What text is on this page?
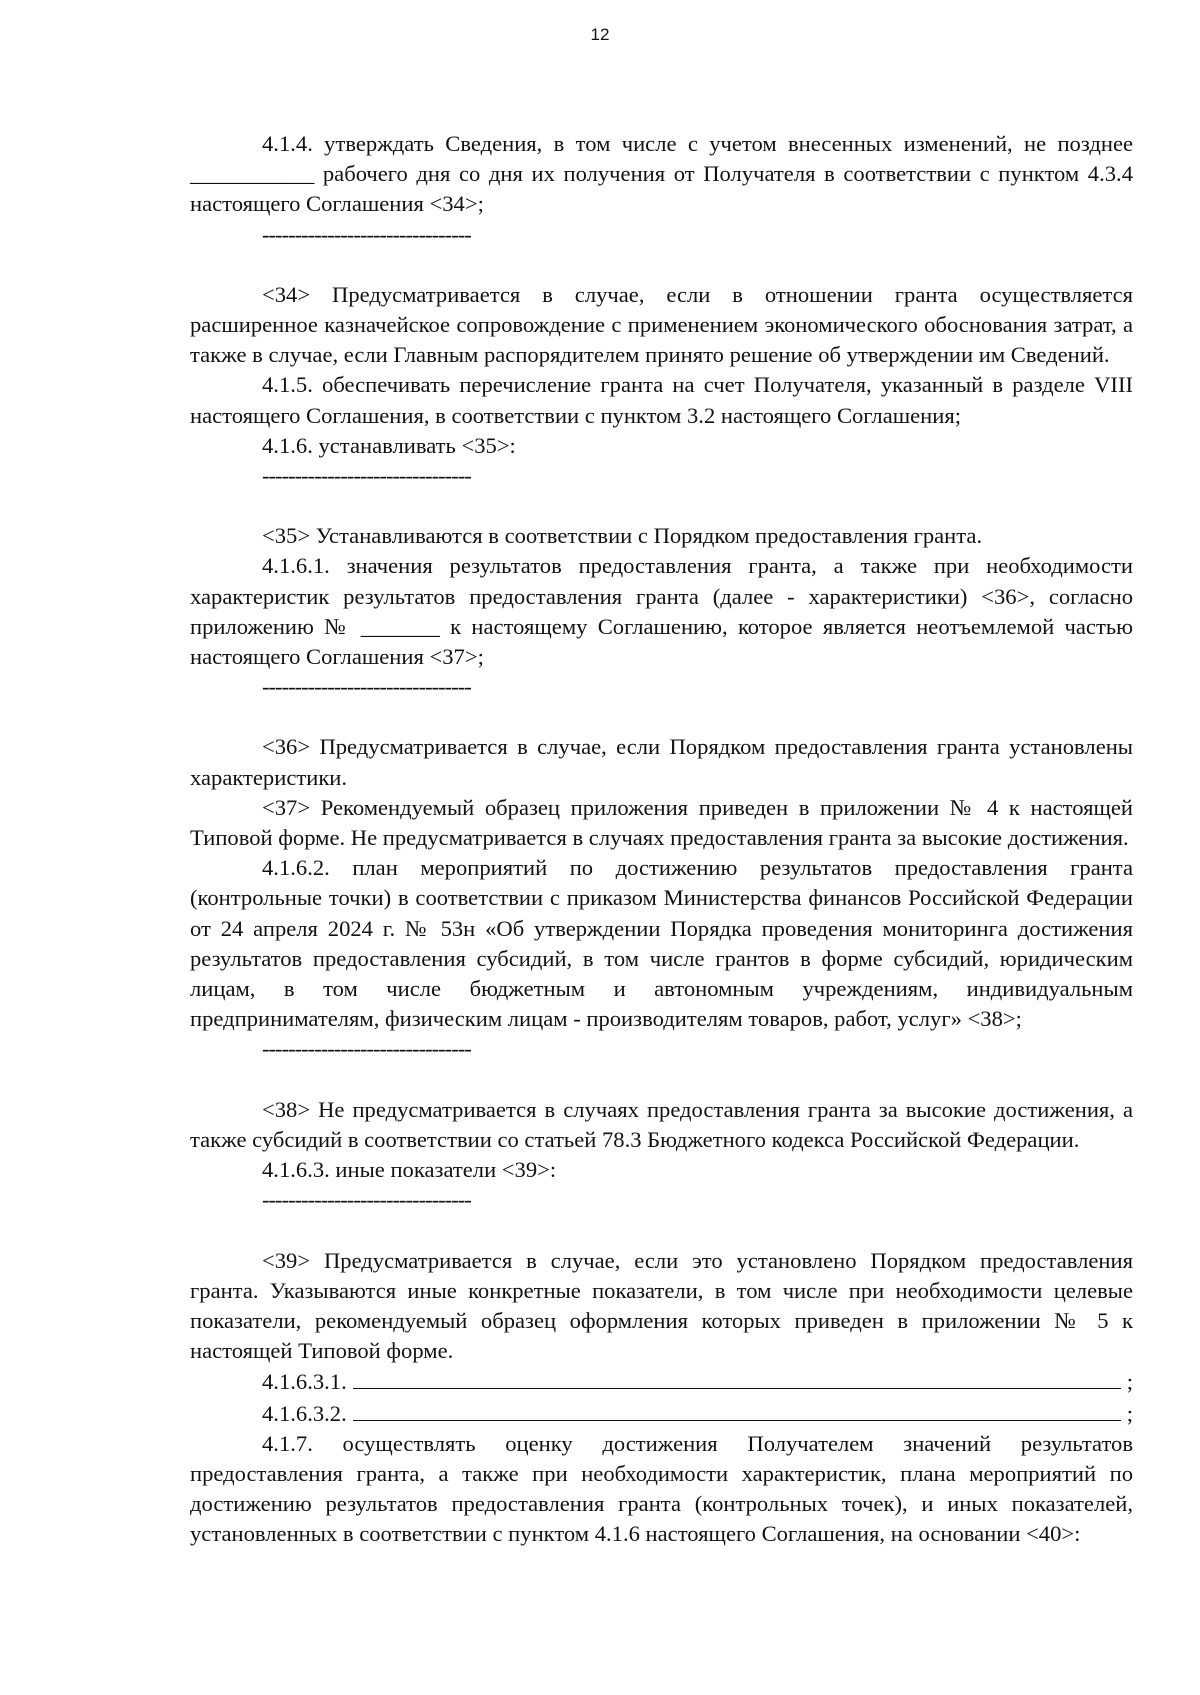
12

4.1.4. утверждать Сведения, в том числе с учетом внесенных изменений, не позднее ___________ рабочего дня со дня их получения от Получателя в соответствии с пунктом 4.3.4 настоящего Соглашения <34>;

--------------------------------

<34> Предусматривается в случае, если в отношении гранта осуществляется расширенное казначейское сопровождение с применением экономического обоснования затрат, а также в случае, если Главным распорядителем принято решение об утверждении им Сведений.

4.1.5. обеспечивать перечисление гранта на счет Получателя, указанный в разделе VIII настоящего Соглашения, в соответствии с пунктом 3.2 настоящего Соглашения;

4.1.6. устанавливать <35>:

--------------------------------

<35> Устанавливаются в соответствии с Порядком предоставления гранта.

4.1.6.1. значения результатов предоставления гранта, а также при необходимости характеристик результатов предоставления гранта (далее - характеристики) <36>, согласно приложению № _______ к настоящему Соглашению, которое является неотъемлемой частью настоящего Соглашения <37>;

--------------------------------

<36> Предусматривается в случае, если Порядком предоставления гранта установлены характеристики.

<37> Рекомендуемый образец приложения приведен в приложении № 4 к настоящей Типовой форме. Не предусматривается в случаях предоставления гранта за высокие достижения.

4.1.6.2. план мероприятий по достижению результатов предоставления гранта (контрольные точки) в соответствии с приказом Министерства финансов Российской Федерации от 24 апреля 2024 г. № 53н «Об утверждении Порядка проведения мониторинга достижения результатов предоставления субсидий, в том числе грантов в форме субсидий, юридическим лицам, в том числе бюджетным и автономным учреждениям, индивидуальным предпринимателям, физическим лицам - производителям товаров, работ, услуг» <38>;

--------------------------------

<38> Не предусматривается в случаях предоставления гранта за высокие достижения, а также субсидий в соответствии со статьей 78.3 Бюджетного кодекса Российской Федерации.

4.1.6.3. иные показатели <39>:

--------------------------------

<39> Предусматривается в случае, если это установлено Порядком предоставления гранта. Указываются иные конкретные показатели, в том числе при необходимости целевые показатели, рекомендуемый образец оформления которых приведен в приложении № 5 к настоящей Типовой форме.

4.1.6.3.1.	;
4.1.6.3.2.	;

4.1.7. осуществлять оценку достижения Получателем значений результатов предоставления гранта, а также при необходимости характеристик, плана мероприятий по достижению результатов предоставления гранта (контрольных точек), и иных показателей, установленных в соответствии с пунктом 4.1.6 настоящего Соглашения, на основании <40>:
